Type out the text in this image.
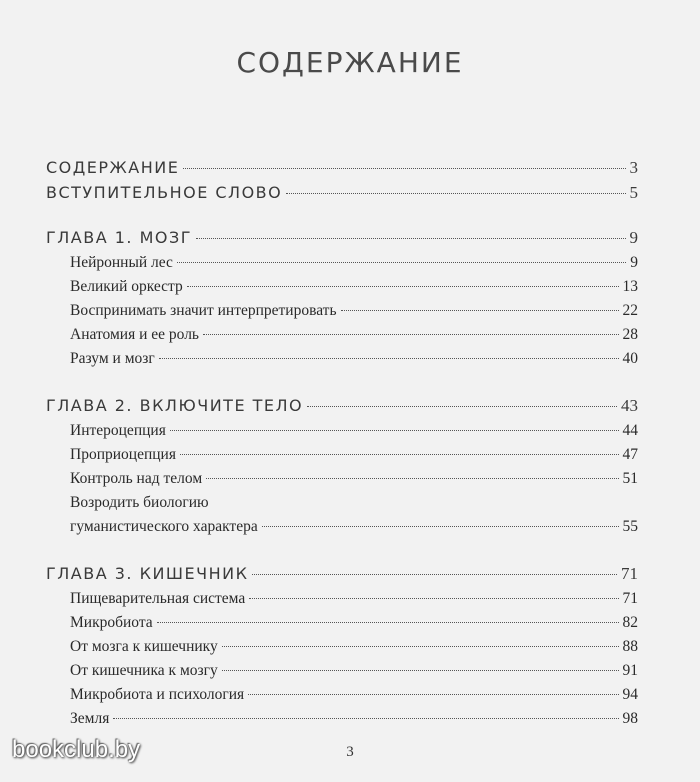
СОДЕРЖАНИЕ
СОДЕРЖАНИЕ	3
ВСТУПИТЕЛЬНОЕ СЛОВО	5
ГЛАВА 1. МОЗГ	9
Нейронный лес	9
Великий оркестр	13
Воспринимать значит интерпретировать	22
Анатомия и ее роль	28
Разум и мозг	40
ГЛАВА 2. ВКЛЮЧИТЕ ТЕЛО	43
Интероцепция	44
Проприоцепция	47
Контроль над телом	51
Возродить биологию
гуманистического характера	55
ГЛАВА 3. КИШЕЧНИК	71
Пищеварительная система	71
Микробиота	82
От мозга к кишечнику	88
От кишечника к мозгу	91
Микробиота и психология	94
Земля	98
3
bookclub.by
